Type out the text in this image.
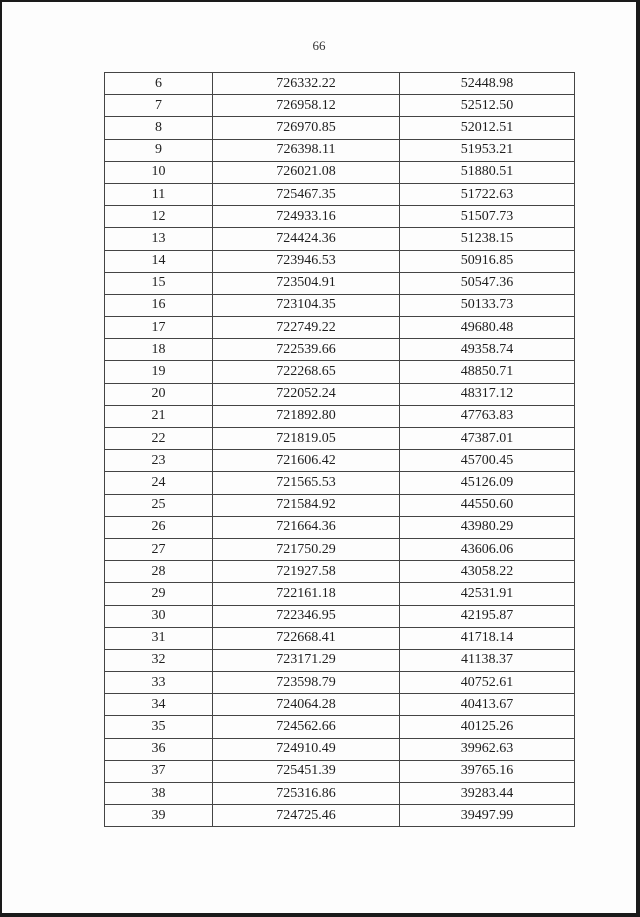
66
6	726332.22	52448.98
7	726958.12	52512.50
8	726970.85	52012.51
9	726398.11	51953.21
10	726021.08	51880.51
11	725467.35	51722.63
12	724933.16	51507.73
13	724424.36	51238.15
14	723946.53	50916.85
15	723504.91	50547.36
16	723104.35	50133.73
17	722749.22	49680.48
18	722539.66	49358.74
19	722268.65	48850.71
20	722052.24	48317.12
21	721892.80	47763.83
22	721819.05	47387.01
23	721606.42	45700.45
24	721565.53	45126.09
25	721584.92	44550.60
26	721664.36	43980.29
27	721750.29	43606.06
28	721927.58	43058.22
29	722161.18	42531.91
30	722346.95	42195.87
31	722668.41	41718.14
32	723171.29	41138.37
33	723598.79	40752.61
34	724064.28	40413.67
35	724562.66	40125.26
36	724910.49	39962.63
37	725451.39	39765.16
38	725316.86	39283.44
39	724725.46	39497.99
